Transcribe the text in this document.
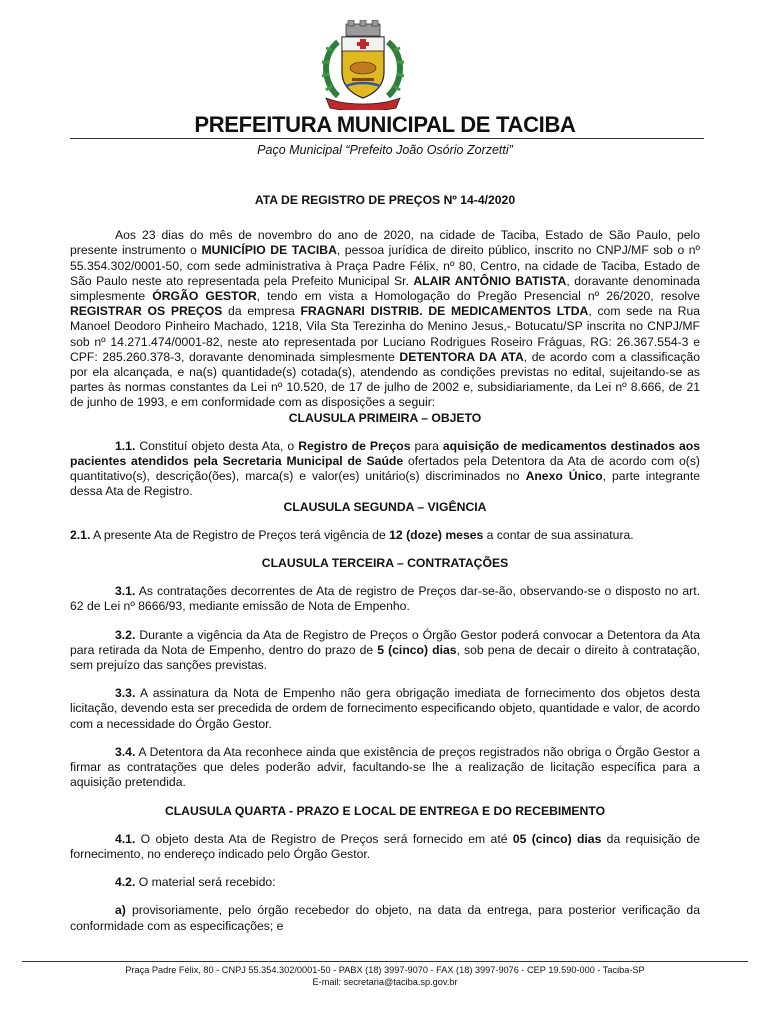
PREFEITURA MUNICIPAL DE TACIBA
Paço Municipal “Prefeito João Osório Zorzetti”

ATA DE REGISTRO DE PREÇOS Nº 14-4/2020

Aos 23 dias do mês de novembro do ano de 2020, na cidade de Taciba, Estado de São Paulo, pelo presente instrumento o MUNICÍPIO DE TACIBA, pessoa jurídica de direito público, inscrito no CNPJ/MF sob o nº 55.354.302/0001-50, com sede administrativa à Praça Padre Félix, nº 80, Centro, na cidade de Taciba, Estado de São Paulo neste ato representada pela Prefeito Municipal Sr. ALAIR ANTÔNIO BATISTA, doravante denominada simplesmente ÓRGÃO GESTOR, tendo em vista a Homologação do Pregão Presencial nº 26/2020, resolve REGISTRAR OS PREÇOS da empresa FRAGNARI DISTRIB. DE MEDICAMENTOS LTDA, com sede na Rua Manoel Deodoro Pinheiro Machado, 1218, Vila Sta Terezinha do Menino Jesus,- Botucatu/SP inscrita no CNPJ/MF sob nº 14.271.474/0001-82, neste ato representada por Luciano Rodrigues Roseiro Fráguas, RG: 26.367.554-3 e CPF: 285.260.378-3, doravante denominada simplesmente DETENTORA DA ATA, de acordo com a classificação por ela alcançada, e na(s) quantidade(s) cotada(s), atendendo as condições previstas no edital, sujeitando-se as partes às normas constantes da Lei nº 10.520, de 17 de julho de 2002 e, subsidiariamente, da Lei nº 8.666, de 21 de junho de 1993, e em conformidade com as disposições a seguir:

CLAUSULA PRIMEIRA – OBJETO

1.1. Constituí objeto desta Ata, o Registro de Preços para aquisição de medicamentos destinados aos pacientes atendidos pela Secretaria Municipal de Saúde ofertados pela Detentora da Ata de acordo com o(s) quantitativo(s), descrição(ões), marca(s) e valor(es) unitário(s) discriminados no Anexo Único, parte integrante dessa Ata de Registro.

CLAUSULA SEGUNDA – VIGÊNCIA

2.1. A presente Ata de Registro de Preços terá vigência de 12 (doze) meses a contar de sua assinatura.

CLAUSULA TERCEIRA – CONTRATAÇÕES

3.1. As contratações decorrentes de Ata de registro de Preços dar-se-ão, observando-se o disposto no art. 62 de Lei nº 8666/93, mediante emissão de Nota de Empenho.

3.2. Durante a vigência da Ata de Registro de Preços o Órgão Gestor poderá convocar a Detentora da Ata para retirada da Nota de Empenho, dentro do prazo de 5 (cinco) dias, sob pena de decair o direito à contratação, sem prejuízo das sanções previstas.

3.3. A assinatura da Nota de Empenho não gera obrigação imediata de fornecimento dos objetos desta licitação, devendo esta ser precedida de ordem de fornecimento especificando objeto, quantidade e valor, de acordo com a necessidade do Órgão Gestor.

3.4. A Detentora da Ata reconhece ainda que existência de preços registrados não obriga o Órgão Gestor a firmar as contratações que deles poderão advir, facultando-se lhe a realização de licitação específica para a aquisição pretendida.

CLAUSULA QUARTA - PRAZO E LOCAL DE ENTREGA E DO RECEBIMENTO

4.1. O objeto desta Ata de Registro de Preços será fornecido em até 05 (cinco) dias da requisição de fornecimento, no endereço indicado pelo Órgão Gestor.

4.2. O material será recebido:

a) provisoriamente, pelo órgão recebedor do objeto, na data da entrega, para posterior verificação da conformidade com as especificações; e

Praça Padre Félix, 80 - CNPJ 55.354.302/0001-50 - PABX (18) 3997-9070 - FAX (18) 3997-9076 - CEP 19.590-000 - Taciba-SP
E-mail: secretaria@taciba.sp.gov.br
